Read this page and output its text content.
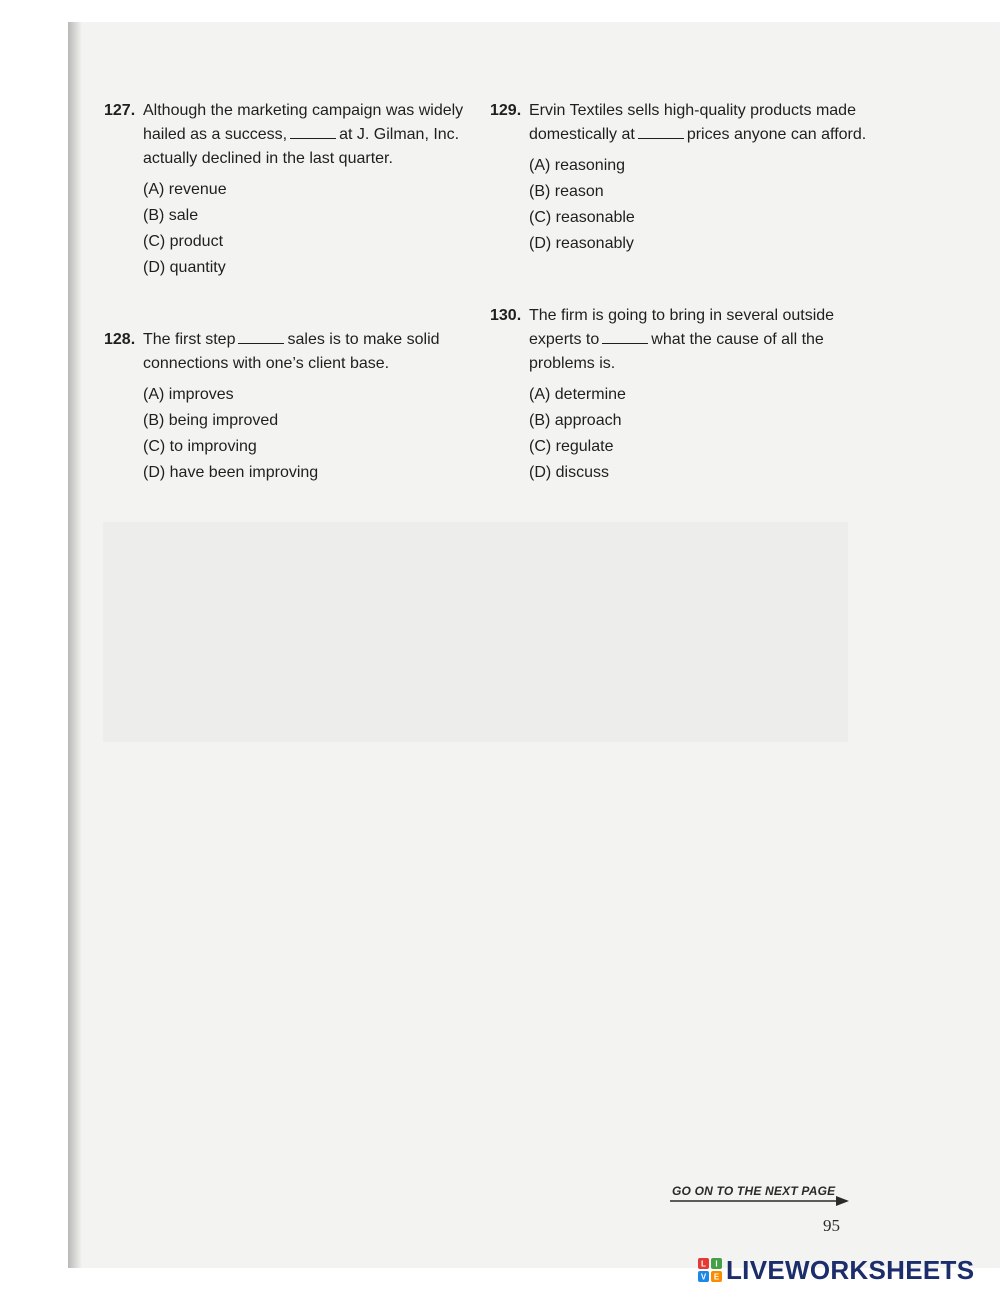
127. Although the marketing campaign was widely hailed as a success,	at J. Gilman, Inc. actually declined in the last quarter.

(A) revenue
(B) sale
(C) product
(D) quantity
128. The first step	sales is to make solid connections with one’s client base.

(A) improves
(B) being improved
(C) to improving
(D) have been improving
129. Ervin Textiles sells high-quality products made domestically at	prices anyone can afford.

(A) reasoning
(B) reason
(C) reasonable
(D) reasonably
130. The firm is going to bring in several outside experts to	what the cause of all the problems is.

(A) determine
(B) approach
(C) regulate
(D) discuss
GO ON TO THE NEXT PAGE
95
L I
V E LIVEWORKSHEETS
